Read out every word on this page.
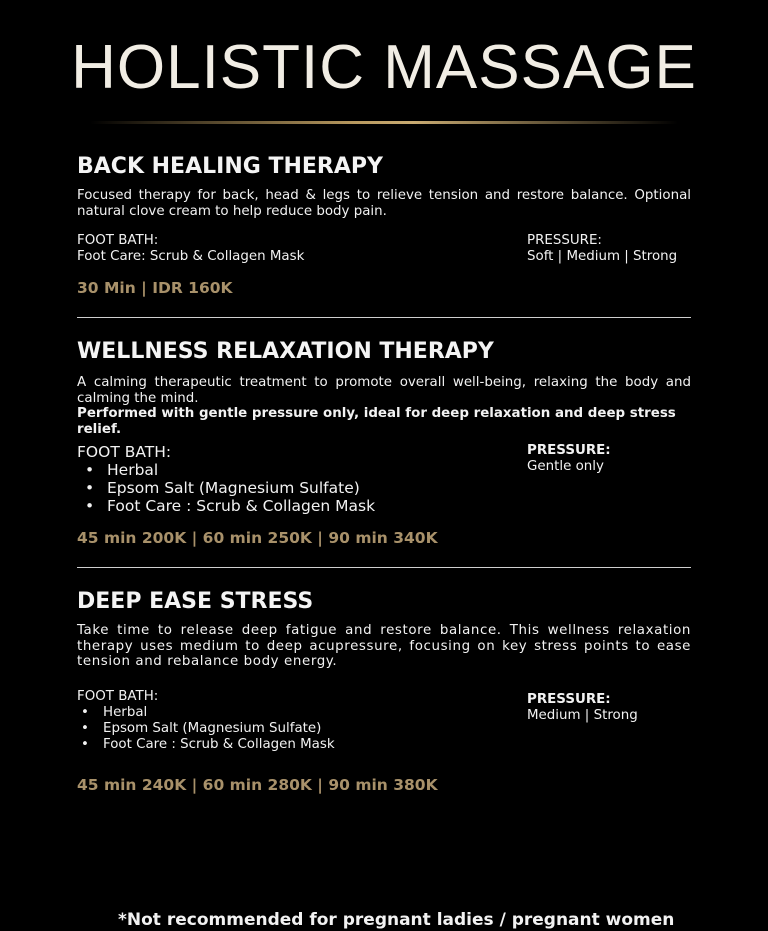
HOLISTIC MASSAGE
BACK HEALING THERAPY
Focused therapy for back, head & legs to relieve tension and restore balance. Optional natural clove cream to help reduce body pain.
FOOT BATH:
Foot Care: Scrub & Collagen Mask
PRESSURE:
Soft | Medium | Strong
30 Min | IDR 160K
WELLNESS RELAXATION THERAPY
A calming therapeutic treatment to promote overall well-being, relaxing the body and calming the mind.
Performed with gentle pressure only, ideal for deep relaxation and deep stress relief.
FOOT BATH:
• Herbal
• Epsom Salt (Magnesium Sulfate)
• Foot Care : Scrub & Collagen Mask
PRESSURE:
Gentle only
45 min 200K | 60 min 250K | 90 min 340K
DEEP EASE STRESS
Take time to release deep fatigue and restore balance. This wellness relaxation therapy uses medium to deep acupressure, focusing on key stress points to ease tension and rebalance body energy.
FOOT BATH:
• Herbal
• Epsom Salt (Magnesium Sulfate)
• Foot Care : Scrub & Collagen Mask
PRESSURE:
Medium | Strong
45 min 240K | 60 min 280K | 90 min 380K
*Not recommended for pregnant ladies / pregnant women
